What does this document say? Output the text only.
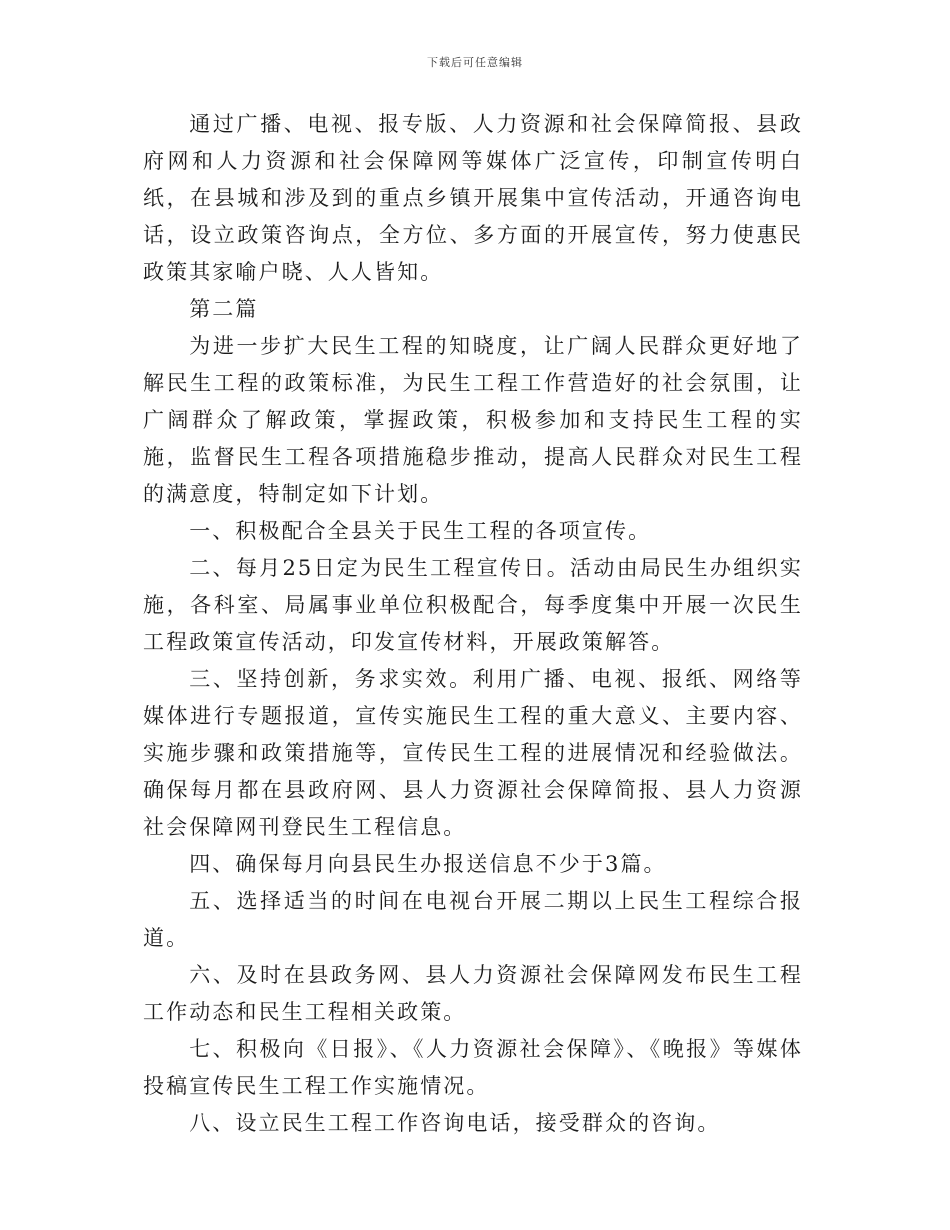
下载后可任意编辑

通过广播、电视、报专版、人力资源和社会保障简报、县政府网和人力资源和社会保障网等媒体广泛宣传，印制宣传明白纸，在县城和涉及到的重点乡镇开展集中宣传活动，开通咨询电话，设立政策咨询点，全方位、多方面的开展宣传，努力使惠民政策其家喻户晓、人人皆知。

第二篇

为进一步扩大民生工程的知晓度，让广阔人民群众更好地了解民生工程的政策标准，为民生工程工作营造好的社会氛围，让广阔群众了解政策，掌握政策，积极参加和支持民生工程的实施，监督民生工程各项措施稳步推动，提高人民群众对民生工程的满意度，特制定如下计划。

一、积极配合全县关于民生工程的各项宣传。

二、每月25日定为民生工程宣传日。活动由局民生办组织实施，各科室、局属事业单位积极配合，每季度集中开展一次民生工程政策宣传活动，印发宣传材料，开展政策解答。

三、坚持创新，务求实效。利用广播、电视、报纸、网络等媒体进行专题报道，宣传实施民生工程的重大意义、主要内容、实施步骤和政策措施等，宣传民生工程的进展情况和经验做法。确保每月都在县政府网、县人力资源社会保障简报、县人力资源社会保障网刊登民生工程信息。

四、确保每月向县民生办报送信息不少于3篇。

五、选择适当的时间在电视台开展二期以上民生工程综合报道。

六、及时在县政务网、县人力资源社会保障网发布民生工程工作动态和民生工程相关政策。

七、积极向《日报》、《人力资源社会保障》、《晚报》等媒体投稿宣传民生工程工作实施情况。

八、设立民生工程工作咨询电话，接受群众的咨询。
